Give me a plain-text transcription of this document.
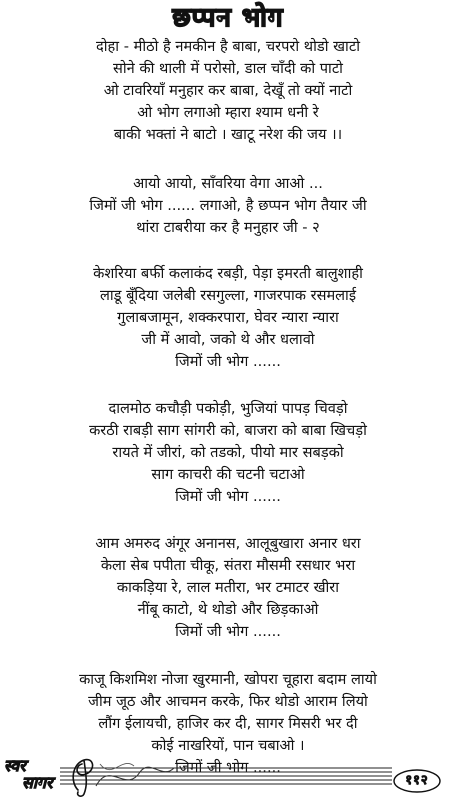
छप्पन भोग
दोहा - मीठो है नमकीन है बाबा, चरपरो थोडो खाटो
सोने की थाली में परोसो, डाल चाँदी को पाटो
ओ टावरियाँ मनुहार कर बाबा, देखूँ तो क्यों नाटो
ओ भोग लगाओ म्हारा श्याम धनी रे
बाकी भक्तां ने बाटो । खाटू नरेश की जय ।।
आयो आयो, साँवरिया वेगा आओ ...
जिमों जी भोग ...... लगाओ, है छप्पन भोग तैयार जी
थांरा टाबरीया कर है मनुहार जी - २
केशरिया बर्फी कलाकंद रबड़ी, पेड़ा इमरती बालुशाही
लाडू बूँदिया जलेबी रसगुल्ला, गाजरपाक रसमलाई
गुलाबजामून, शक्करपारा, घेवर न्यारा न्यारा
जी में आवो, जको थे और धलावो
जिमों जी भोग ......
दालमोठ कचौड़ी पकोड़ी, भुजियां पापड़ चिवड़ो
करठी राबड़ी साग सांगरी को, बाजरा को बाबा खिचड़ो
रायते में जीरां, को तडको, पीयो मार सबड़को
साग काचरी की चटनी चटाओ
जिमों जी भोग ......
आम अमरुद अंगूर अनानस, आलूबुखारा अनार धरा
केला सेब पपीता चीकू, संतरा मौसमी रसधार भरा
काकड़िया रे, लाल मतीरा, भर टमाटर खीरा
नींबू काटो, थे थोडो और छिड़काओ
जिमों जी भोग ......
काजू किशमिश नोजा खुरमानी, खोपरा चूहारा बदाम लायो
जीम जूठ और आचमन करके, फिर थोडो आराम लियो
लौंग ईलायची, हाजिर कर दी, सागर मिसरी भर दी
कोई नाखरियों, पान चबाओ ।
जिमों जी भोग ......
स्वर
सागर	११२
